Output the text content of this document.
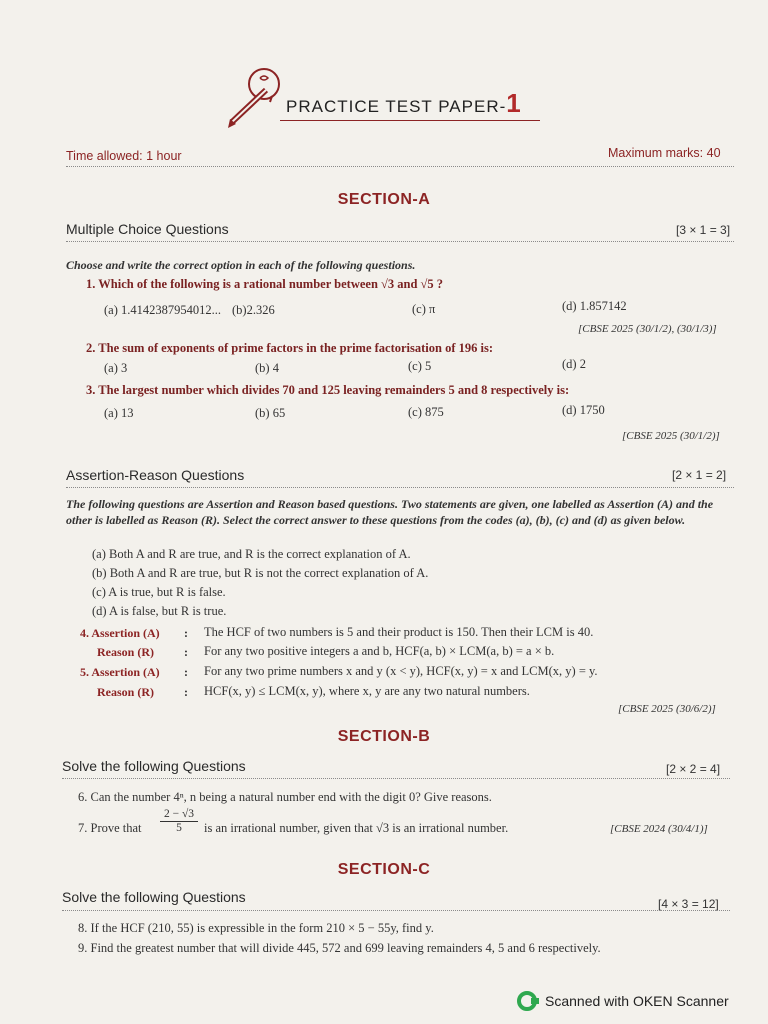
PRACTICE TEST PAPER-1
Time allowed: 1 hour	Maximum marks: 40
SECTION-A
Multiple Choice Questions	[3 × 1 = 3]
Choose and write the correct option in each of the following questions.
1. Which of the following is a rational number between √3 and √5 ?
(a) 1.4142387954012... (b)2.326	(c) π	(d) 1.857142
[CBSE 2025 (30/1/2), (30/1/3)]
2. The sum of exponents of prime factors in the prime factorisation of 196 is:
(a) 3	(b) 4	(c) 5	(d) 2
3. The largest number which divides 70 and 125 leaving remainders 5 and 8 respectively is:
(a) 13	(b) 65	(c) 875	(d) 1750
[CBSE 2025 (30/1/2)]
Assertion-Reason Questions	[2 × 1 = 2]
The following questions are Assertion and Reason based questions. Two statements are given, one labelled as Assertion (A) and the other is labelled as Reason (R). Select the correct answer to these questions from the codes (a), (b), (c) and (d) as given below.
(a) Both A and R are true, and R is the correct explanation of A.
(b) Both A and R are true, but R is not the correct explanation of A.
(c) A is true, but R is false.
(d) A is false, but R is true.
4. Assertion (A) : The HCF of two numbers is 5 and their product is 150. Then their LCM is 40.
Reason (R)	: For any two positive integers a and b, HCF(a, b) × LCM(a, b) = a × b.
5. Assertion (A) : For any two prime numbers x and y (x < y), HCF(x, y) = x and LCM(x, y) = y.
Reason (R)	: HCF(x, y) ≤ LCM(x, y), where x, y are any two natural numbers.
[CBSE 2025 (30/6/2)]
SECTION-B
Solve the following Questions	[2 × 2 = 4]
6. Can the number 4ⁿ, n being a natural number end with the digit 0? Give reasons.
7. Prove that $\frac{2 - √3}{5}$ is an irrational number, given that √3 is an irrational number.	[CBSE 2024 (30/4/1)]
SECTION-C
Solve the following Questions	[4 × 3 = 12]
8. If the HCF (210, 55) is expressible in the form 210 × 5 − 55y, find y.
9. Find the greatest number that will divide 445, 572 and 699 leaving remainders 4, 5 and 6 respectively.
Scanned with OKEN Scanner
